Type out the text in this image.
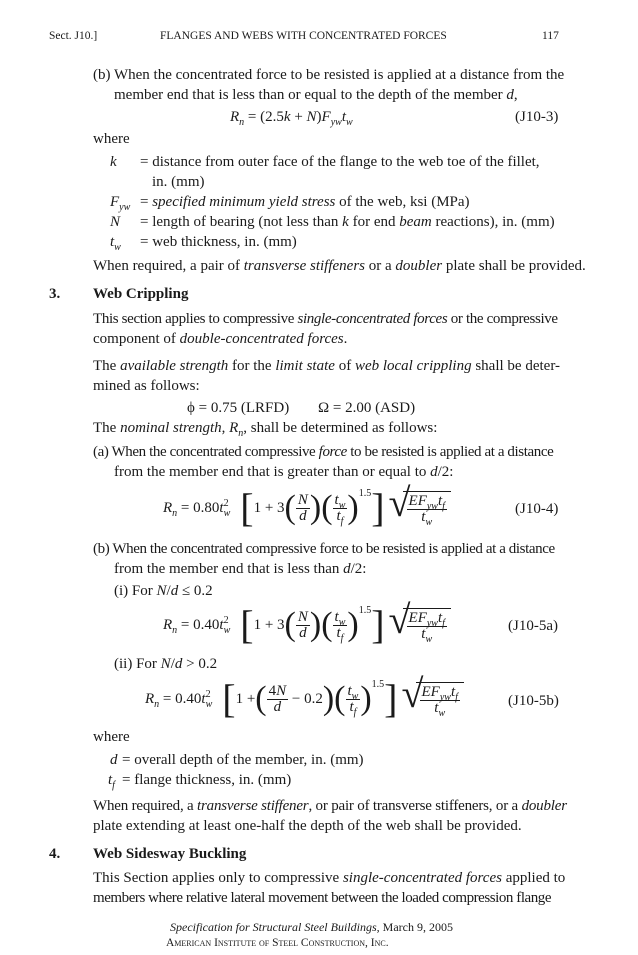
Sect. J10.]	FLANGES AND WEBS WITH CONCENTRATED FORCES	117
(b) When the concentrated force to be resisted is applied at a distance from the
member end that is less than or equal to the depth of the member d,
$R_n = (2.5k + N)F_{yw}t_w$	(J10-3)
where
k = distance from outer face of the flange to the web toe of the fillet,
in. (mm)
$F_{yw}$ = specified minimum yield stress of the web, ksi (MPa)
N = length of bearing (not less than k for end beam reactions), in. (mm)
$t_w$ = web thickness, in. (mm)
When required, a pair of transverse stiffeners or a doubler plate shall be provided.
3. Web Crippling
This section applies to compressive single-concentrated forces or the compressive
component of double-concentrated forces.
The available strength for the limit state of web local crippling shall be deter-
mined as follows:
ϕ = 0.75 (LRFD) Ω = 2.00 (ASD)
The nominal strength, $R_n$, shall be determined as follows:
(a) When the concentrated compressive force to be resisted is applied at a distance
from the member end that is greater than or equal to d/2:
$R_n = 0.80t^2_w$ [ 1 + 3 ( $\frac{N}{d}$ ) ( $\frac{t_w}{t_f} )^{1.5}$ ] √
$\frac{EF_{yw}t_f}{t_w}$	(J10-4)
(b) When the concentrated compressive force to be resisted is applied at a distance
from the member end that is less than d/2:
(i) For N/d ≤ 0.2
$R_n = 0.40t^2_w$ [ 1 + 3 ( $\frac{N}{d}$ ) ( $\frac{t_w}{t_f} )^{1.5}$ ] √
$\frac{EF_{yw}t_f}{t_w}$	(J10-5a)
(ii) For N/d > 0.2
$R_n = 0.40t^2_w$ [ 1 + ( $\frac{4N}{d} - 0.2$ ) ( $\frac{t_w}{t_f} )^{1.5}$ ] √
$\frac{EF_{yw}t_f}{t_w}$	(J10-5b)
where
d = overall depth of the member, in. (mm)
$t_f$ = flange thickness, in. (mm)
When required, a transverse stiffener, or pair of transverse stiffeners, or a doubler
plate extending at least one-half the depth of the web shall be provided.
4. Web Sidesway Buckling
This Section applies only to compressive single-concentrated forces applied to
members where relative lateral movement between the loaded compression flange
Specification for Structural Steel Buildings, March 9, 2005
American Institute of Steel Construction, Inc.
